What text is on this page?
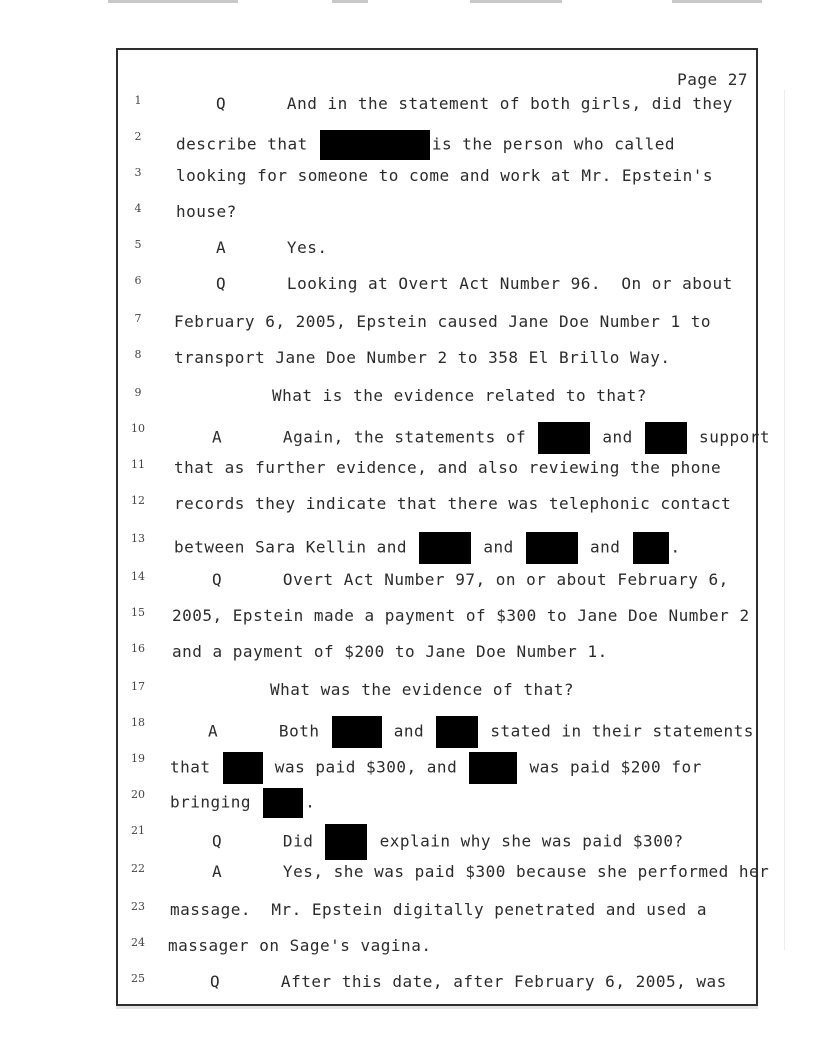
Page 27
1	Q      And in the statement of both girls, did they
2	describe that	is the person who called
3	looking for someone to come and work at Mr. Epstein's
4	house?
5	A      Yes.
6	Q      Looking at Overt Act Number 96.  On or about
7	February 6, 2005, Epstein caused Jane Doe Number 1 to
8	transport Jane Doe Number 2 to 358 El Brillo Way.
9	What is the evidence related to that?
10	A      Again, the statements of	and	support
11	that as further evidence, and also reviewing the phone
12	records they indicate that there was telephonic contact
13	between Sara Kellin and	and	and	.
14	Q      Overt Act Number 97, on or about February 6,
15	2005, Epstein made a payment of $300 to Jane Doe Number 2
16	and a payment of $200 to Jane Doe Number 1.
17	What was the evidence of that?
18	A      Both	and	stated in their statements
19	that	was paid $300, and	was paid $200 for
20	bringing	.
21
Q      Did	explain why she was paid $300?
22	A      Yes, she was paid $300 because she performed her
23	massage.  Mr. Epstein digitally penetrated and used a
24	massager on Sage's vagina.
25	Q      After this date, after February 6, 2005, was
